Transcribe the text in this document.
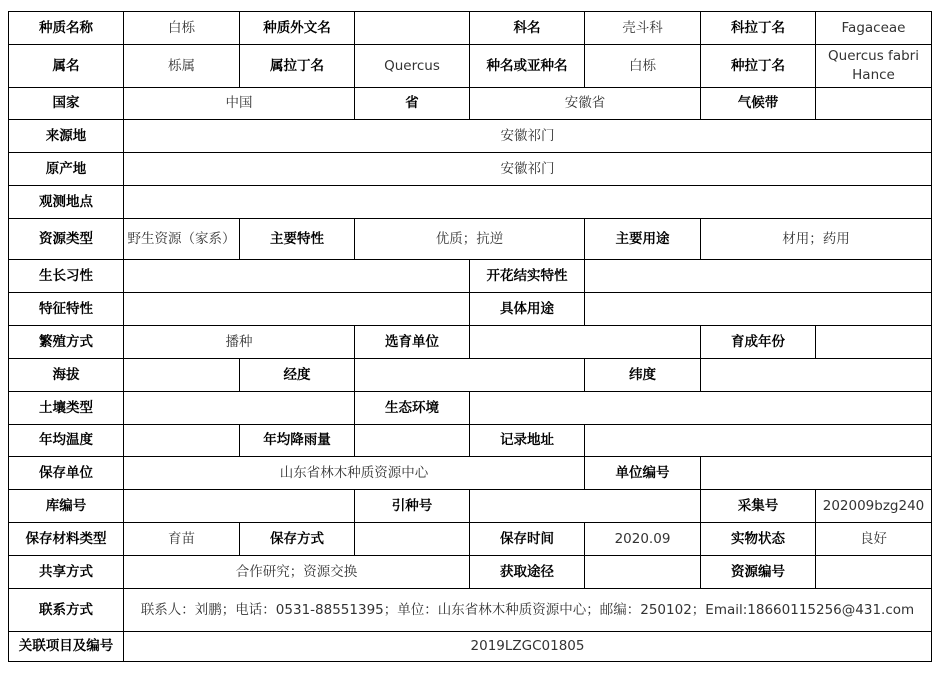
种质名称	白栎	种质外文名		科名	壳斗科	科拉丁名	Fagaceae
属名	栎属	属拉丁名	Quercus	种名或亚种名	白栎	种拉丁名	Quercus fabri Hance
国家	中国		省	安徽省		气候带	
来源地	安徽祁门						
原产地	安徽祁门						
观测地点							
资源类型	野生资源（家系）	主要特性	优质；抗逆		主要用途	材用；药用	
生长习性				开花结实特性			
特征特性				具体用途			
繁殖方式	播种		选育单位			育成年份	
海拔		经度			纬度		
土壤类型			生态环境				
年均温度		年均降雨量		记录地址			
保存单位	山东省林木种质资源中心				单位编号		
库编号			引种号			采集号	202009bzg240
保存材料类型	育苗	保存方式		保存时间	2020.09	实物状态	良好
共享方式	合作研究；资源交换			获取途径		资源编号	
联系方式	联系人：刘鹏；电话：0531-88551395；单位：山东省林木种质资源中心；邮编：250102；Email:18660115256@431.com						
关联项目及编号	2019LZGC01805						
